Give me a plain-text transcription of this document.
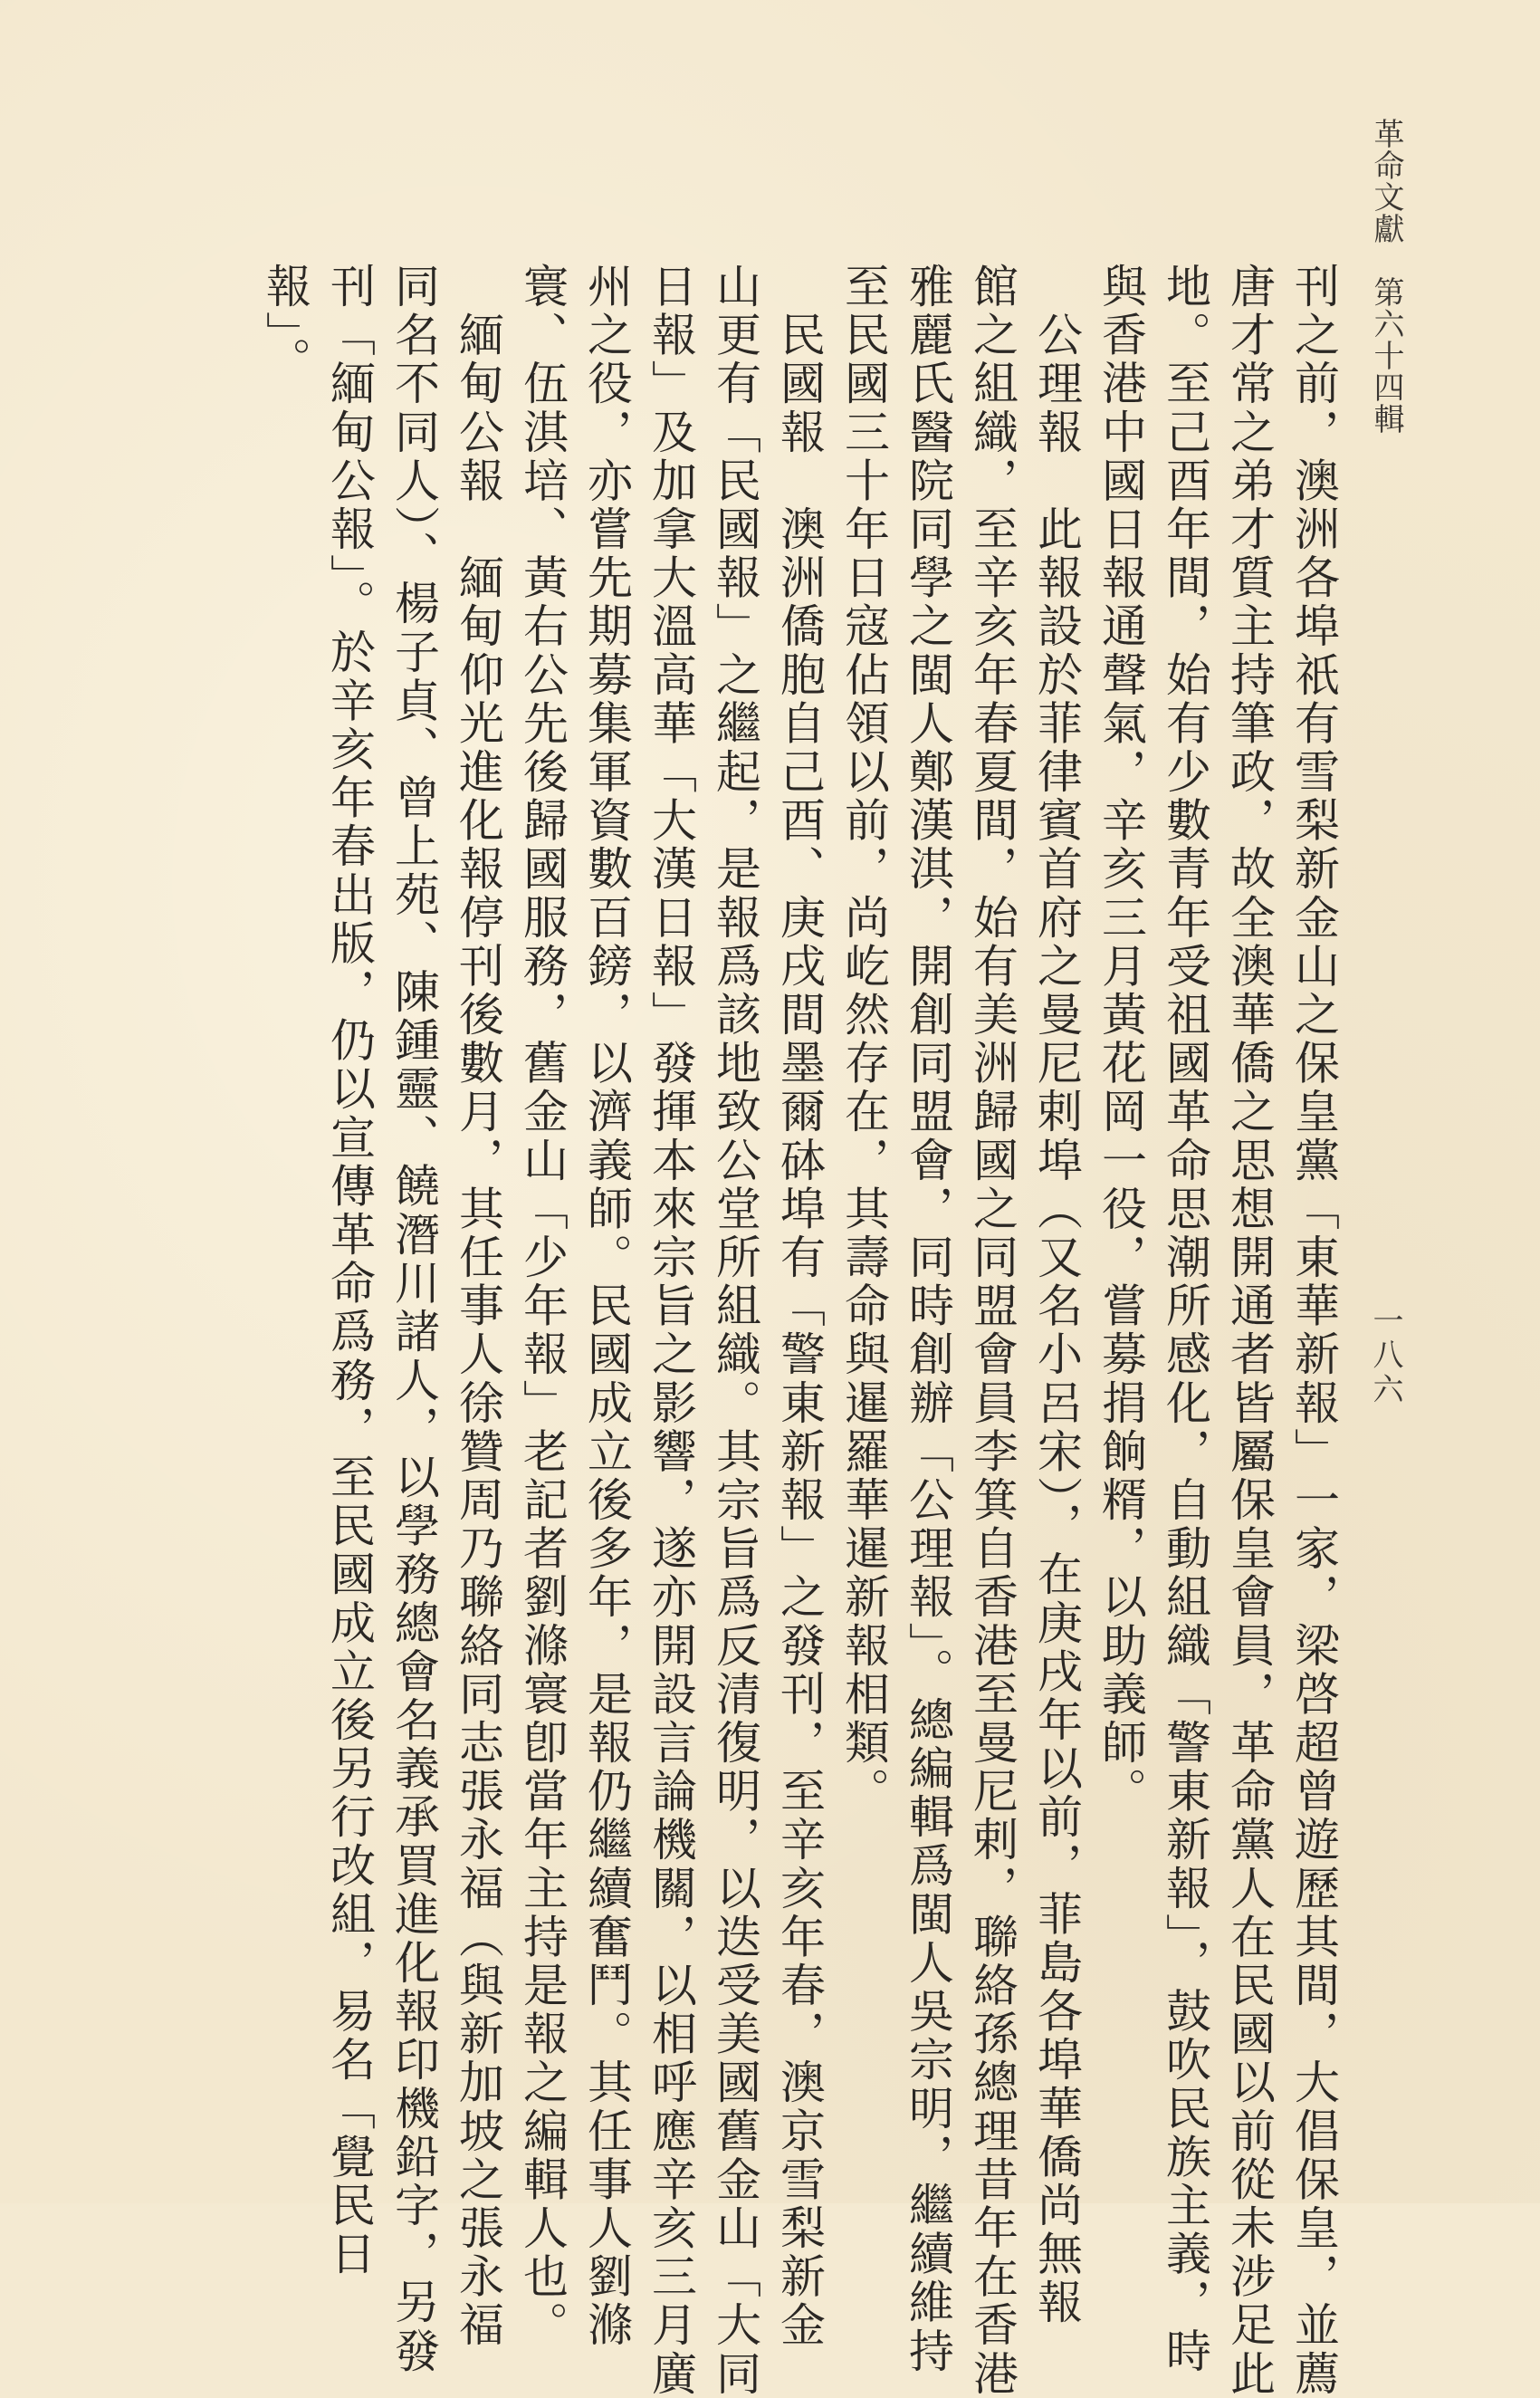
革命文獻　第六十四輯
一八六
刊之前，澳洲各埠祇有雪梨新金山之保皇黨「東華新報」一家，梁啓超曾遊歷其間，大倡保皇，並薦
唐才常之弟才質主持筆政，故全澳華僑之思想開通者皆屬保皇會員，革命黨人在民國以前從未涉足此
地。至己酉年間，始有少數青年受祖國革命思潮所感化，自動組織「警東新報」，鼓吹民族主義，時
與香港中國日報通聲氣，辛亥三月黃花岡一役，嘗募捐餉糈，以助義師。
　公理報　此報設於菲律賓首府之曼尼剌埠（又名小呂宋），在庚戌年以前，菲島各埠華僑尚無報
館之組織，至辛亥年春夏間，始有美洲歸國之同盟會員李箕自香港至曼尼剌，聯絡孫總理昔年在香港
雅麗氏醫院同學之閩人鄭漢淇，開創同盟會，同時創辦「公理報」。總編輯爲閩人吳宗明，繼續維持
至民國三十年日寇佔領以前，尚屹然存在，其壽命與暹羅華暹新報相類。
　民國報　澳洲僑胞自己酉、庚戌間墨爾砵埠有「警東新報」之發刊，至辛亥年春，澳京雪梨新金
山更有「民國報」之繼起，是報爲該地致公堂所組織。其宗旨爲反清復明，以迭受美國舊金山「大同
日報」及加拿大溫高華「大漢日報」發揮本來宗旨之影響，遂亦開設言論機關，以相呼應辛亥三月廣
州之役，亦嘗先期募集軍資數百鎊，以濟義師。民國成立後多年，是報仍繼續奮鬥。其任事人劉滌
寰、伍淇培、黃右公先後歸國服務，舊金山「少年報」老記者劉滌寰卽當年主持是報之編輯人也。
　緬甸公報　緬甸仰光進化報停刊後數月，其任事人徐贊周乃聯絡同志張永福（與新加坡之張永福
同名不同人）、楊子貞、曾上苑、陳鍾靈、饒潛川諸人，以學務總會名義承買進化報印機鉛字，另發
刊「緬甸公報」。於辛亥年春出版，仍以宣傳革命爲務，至民國成立後另行改組，易名「覺民日
報」。
